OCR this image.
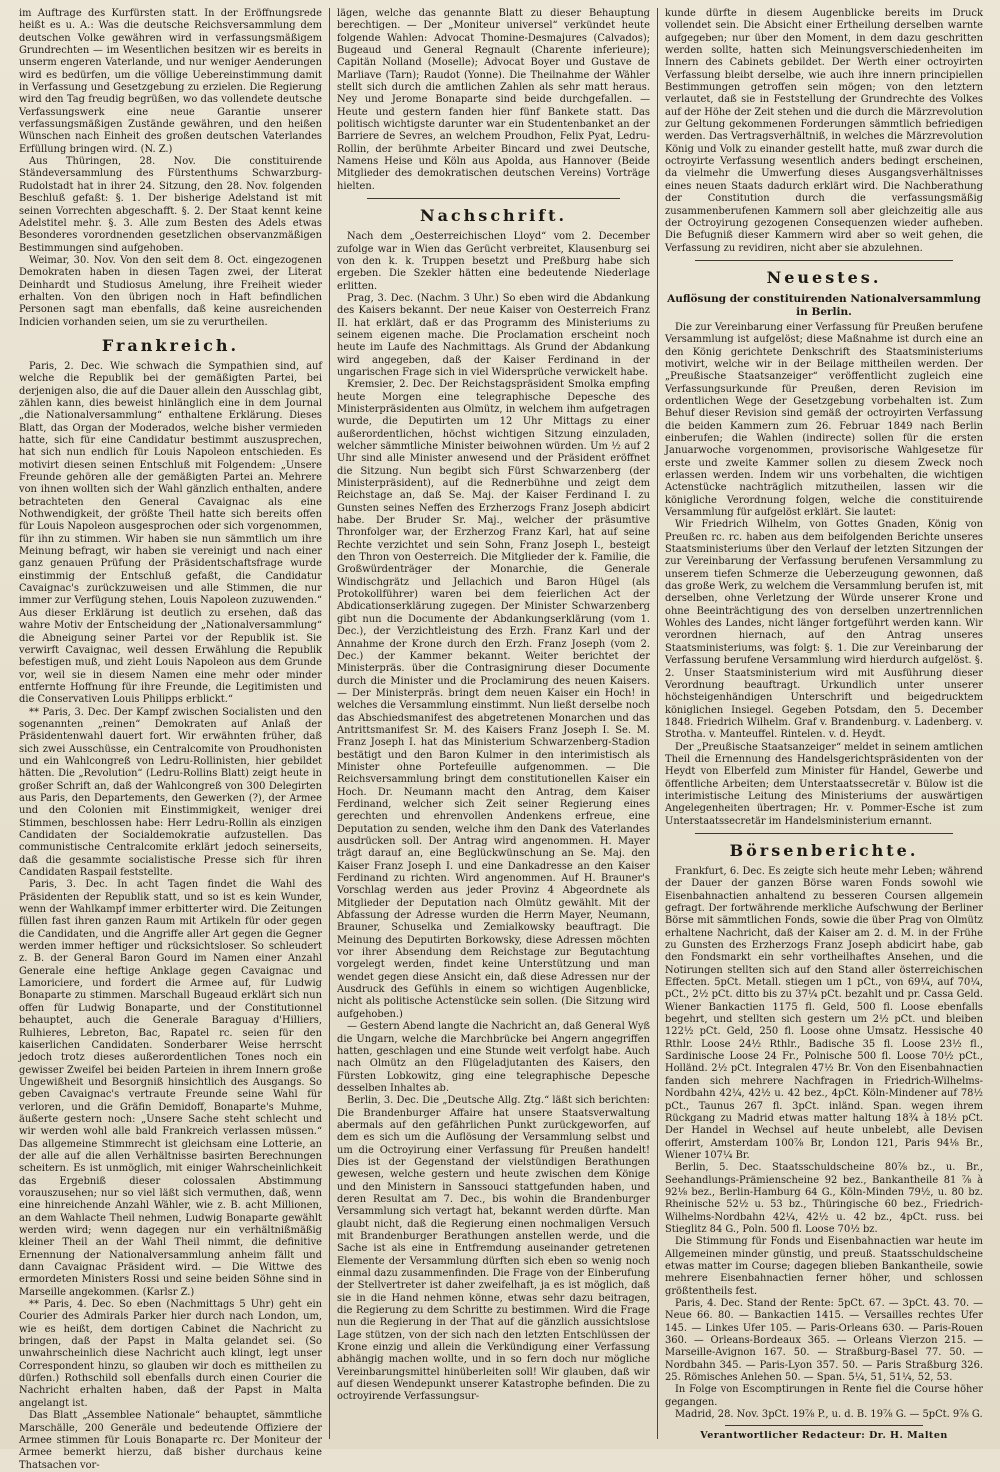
im Auftrage des Kurfürsten statt. In der Eröffnungsrede heißt es u. A.: Was die deutsche Reichsversammlung dem deutschen Volke gewähren wird in verfassungsmäßigem Grundrechten — im Wesentlichen besitzen wir es bereits in unserm engeren Vaterlande, und nur weniger Aenderungen wird es bedürfen, um die völlige Uebereinstimmung damit in Verfassung und Gesetzgebung zu erzielen. Die Regierung wird den Tag freudig begrüßen, wo das vollendete deutsche Verfassungswerk eine neue Garantie unserer verfassungsmäßigen Zustände gewähren, und den heißen Wünschen nach Einheit des großen deutschen Vaterlandes Erfüllung bringen wird. (N. Z.)

Aus Thüringen, 28. Nov. Die constituirende Ständeversammlung des Fürstenthums Schwarzburg-Rudolstadt hat in ihrer 24. Sitzung, den 28. Nov. folgenden Beschluß gefaßt: §. 1. Der bisherige Adelstand ist mit seinen Vorrechten abgeschafft. §. 2. Der Staat kennt keine Adelstitel mehr. §. 3. Alle zum Besten des Adels etwas Besonderes vorordnenden gesetzlichen observanzmäßigen Bestimmungen sind aufgehoben.

Weimar, 30. Nov. Von den seit dem 8. Oct. eingezogenen Demokraten haben in diesen Tagen zwei, der Literat Deinhardt und Studiosus Amelung, ihre Freiheit wieder erhalten. Von den übrigen noch in Haft befindlichen Personen sagt man ebenfalls, daß keine ausreichenden Indicien vorhanden seien, um sie zu verurtheilen.

Frankreich.

Paris, 2. Dec. Wie schwach die Sympathien sind, auf welche die Republik bei der gemäßigten Partei, bei derjenigen also, die auf die Dauer allein den Ausschlag gibt, zählen kann, dies beweist hinlänglich eine in dem Journal „die Nationalversammlung“ enthaltene Erklärung. Dieses Blatt, das Organ der Moderados, welche bisher vermieden hatte, sich für eine Candidatur bestimmt auszusprechen, hat sich nun endlich für Louis Napoleon entschieden. Es motivirt diesen seinen Entschluß mit Folgendem: „Unsere Freunde gehören alle der gemäßigten Partei an. Mehrere von ihnen wollten sich der Wahl gänzlich enthalten, andere betrachteten den General Cavaignac als eine Nothwendigkeit, der größte Theil hatte sich bereits offen für Louis Napoleon ausgesprochen oder sich vorgenommen, für ihn zu stimmen. Wir haben sie nun sämmtlich um ihre Meinung befragt, wir haben sie vereinigt und nach einer ganz genauen Prüfung der Präsidentschaftsfrage wurde einstimmig der Entschluß gefaßt, die Candidatur Cavaignac's zurückzuweisen und alle Stimmen, die nur immer zur Verfügung stehen, Louis Napoleon zuzuwenden.“ Aus dieser Erklärung ist deutlich zu ersehen, daß das wahre Motiv der Entscheidung der „Nationalversammlung“ die Abneigung seiner Partei vor der Republik ist. Sie verwirft Cavaignac, weil dessen Erwählung die Republik befestigen muß, und zieht Louis Napoleon aus dem Grunde vor, weil sie in diesem Namen eine mehr oder minder entfernte Hoffnung für ihre Freunde, die Legitimisten und die Conservativen Louis Philipps erblickt.“

** Paris, 3. Dec. Der Kampf zwischen Socialisten und den sogenannten „reinen“ Demokraten auf Anlaß der Präsidentenwahl dauert fort. Wir erwähnten früher, daß sich zwei Ausschüsse, ein Centralcomite von Proudhonisten und ein Wahlcongreß von Ledru-Rollinisten, hier gebildet hätten. Die „Revolution“ (Ledru-Rollins Blatt) zeigt heute in großer Schrift an, daß der Wahlcongreß von 300 Delegirten aus Paris, den Departements, den Gewerken (?), der Armee und den Colonien mit Einstimmigkeit, weniger drei Stimmen, beschlossen habe: Herr Ledru-Rollin als einzigen Candidaten der Socialdemokratie aufzustellen. Das communistische Centralcomite erklärt jedoch seinerseits, daß die gesammte socialistische Presse sich für ihren Candidaten Raspail feststellte.

Paris, 3. Dec. In acht Tagen findet die Wahl des Präsidenten der Republik statt, und so ist es kein Wunder, wenn der Wahlkampf immer erbitterter wird. Die Zeitungen füllen fast ihren ganzen Raum mit Artikeln für oder gegen die Candidaten, und die Angriffe aller Art gegen die Gegner werden immer heftiger und rücksichtsloser. So schleudert z. B. der General Baron Gourd im Namen einer Anzahl Generale eine heftige Anklage gegen Cavaignac und Lamoriciere, und fordert die Armee auf, für Ludwig Bonaparte zu stimmen. Marschall Bugeaud erklärt sich nun offen für Ludwig Bonaparte, und der Constitutionnel behauptet, auch die Generale Baraguay d'Hilliers, Rulhieres, Lebreton, Bac, Rapatel rc. seien für den kaiserlichen Candidaten. Sonderbarer Weise herrscht jedoch trotz dieses außerordentlichen Tones noch ein gewisser Zweifel bei beiden Parteien in ihrem Innern große Ungewißheit und Besorgniß hinsichtlich des Ausgangs. So geben Cavaignac's vertraute Freunde seine Wahl für verloren, und die Gräfin Demidoff, Bonaparte's Muhme, äußerte gestern noch: „Unsere Sache steht schlecht und wir werden wohl alle bald Frankreich verlassen müssen.“ Das allgemeine Stimmrecht ist gleichsam eine Lotterie, an der alle auf die allen Verhältnisse basirten Berechnungen scheitern. Es ist unmöglich, mit einiger Wahrscheinlichkeit das Ergebniß dieser colossalen Abstimmung vorauszusehen; nur so viel läßt sich vermuthen, daß, wenn eine hinreichende Anzahl Wähler, wie z. B. acht Millionen, an dem Wahlacte Theil nehmen, Ludwig Bonaparte gewählt werden wird; wenn dagegen nur ein verhältnißmäßig kleiner Theil an der Wahl Theil nimmt, die definitive Ernennung der Nationalversammlung anheim fällt und dann Cavaignac Präsident wird. — Die Wittwe des ermordeten Ministers Rossi und seine beiden Söhne sind in Marseille angekommen. (Karlsr Z.)

** Paris, 4. Dec. So eben (Nachmittags 5 Uhr) geht ein Courier des Admirals Parker hier durch nach London, um, wie es heißt, dem dortigen Cabinet die Nachricht zu bringen, daß der Papst in Malta gelandet sei. (So unwahrscheinlich diese Nachricht auch klingt, legt unser Correspondent hinzu, so glauben wir doch es mittheilen zu dürfen.) Rothschild soll ebenfalls durch einen Courier die Nachricht erhalten haben, daß der Papst in Malta angelangt ist.

Das Blatt „Assemblee Nationale“ behauptet, sämmtliche Marschälle, 200 Generäle und bedeutende Offiziere der Armee stimmen für Louis Bonaparte rc. Der Moniteur der Armee bemerkt hierzu, daß bisher durchaus keine Thatsachen vor-

lägen, welche das genannte Blatt zu dieser Behauptung berechtigen. — Der „Moniteur universel“ verkündet heute folgende Wahlen: Advocat Thomine-Desmajures (Calvados); Bugeaud und General Regnault (Charente inferieure); Capitän Nolland (Moselle); Advocat Boyer und Gustave de Marliave (Tarn); Raudot (Yonne). Die Theilnahme der Wähler stellt sich durch die amtlichen Zahlen als sehr matt heraus. Ney und Jerome Bonaparte sind beide durchgefallen. — Heute und gestern fanden hier fünf Bankete statt. Das politisch wichtigste darunter war ein Studentenbanket an der Barriere de Sevres, an welchem Proudhon, Felix Pyat, Ledru-Rollin, der berühmte Arbeiter Bincard und zwei Deutsche, Namens Heise und Köln aus Apolda, aus Hannover (Beide Mitglieder des demokratischen deutschen Vereins) Vorträge hielten.

Nachschrift.

Nach dem „Oesterreichischen Lloyd“ vom 2. December zufolge war in Wien das Gerücht verbreitet, Klausenburg sei von den k. k. Truppen besetzt und Preßburg habe sich ergeben. Die Szekler hätten eine bedeutende Niederlage erlitten.

Prag, 3. Dec. (Nachm. 3 Uhr.) So eben wird die Abdankung des Kaisers bekannt. Der neue Kaiser von Oesterreich Franz II. hat erklärt, daß er das Programm des Ministeriums zu seinem eigenen mache. Die Proclamation erscheint noch heute im Laufe des Nachmittags. Als Grund der Abdankung wird angegeben, daß der Kaiser Ferdinand in der ungarischen Frage sich in viel Widersprüche verwickelt habe.

Kremsier, 2. Dec. Der Reichstagspräsident Smolka empfing heute Morgen eine telegraphische Depesche des Ministerpräsidenten aus Olmütz, in welchem ihm aufgetragen wurde, die Deputirten um 12 Uhr Mittags zu einer außerordentlichen, höchst wichtigen Sitzung einzuladen, welcher sämmtliche Minister beiwohnen würden. Um ½ auf 2 Uhr sind alle Minister anwesend und der Präsident eröffnet die Sitzung. Nun begibt sich Fürst Schwarzenberg (der Ministerpräsident), auf die Rednerbühne und zeigt dem Reichstage an, daß Se. Maj. der Kaiser Ferdinand I. zu Gunsten seines Neffen des Erzherzogs Franz Joseph abdicirt habe. Der Bruder Sr. Maj., welcher der präsumtive Thronfolger war, der Erzherzog Franz Karl, hat auf seine Rechte verzichtet und sein Sohn, Franz Joseph I., besteigt den Thron von Oesterreich. Die Mitglieder der k. Familie, die Großwürdenträger der Monarchie, die Generale Windischgrätz und Jellachich und Baron Hügel (als Protokollführer) waren bei dem feierlichen Act der Abdicationserklärung zugegen. Der Minister Schwarzenberg gibt nun die Documente der Abdankungserklärung (vom 1. Dec.), der Verzichtleistung des Erzh. Franz Karl und der Annahme der Krone durch den Erzh. Franz Joseph (vom 2. Dec.) der Kammer bekannt. Weiter berichtet der Ministerpräs. über die Contrasignirung dieser Documente durch die Minister und die Proclamirung des neuen Kaisers. — Der Ministerpräs. bringt dem neuen Kaiser ein Hoch! in welches die Versammlung einstimmt. Nun ließt derselbe noch das Abschiedsmanifest des abgetretenen Monarchen und das Antrittsmanifest Sr. M. des Kaisers Franz Joseph I. Se. M. Franz Joseph I. hat das Ministerium Schwarzenberg-Stadion bestätigt und den Baron Kulmer in den interimistisch als Minister ohne Portefeuille aufgenommen. — Die Reichsversammlung bringt dem constitutionellen Kaiser ein Hoch. Dr. Neumann macht den Antrag, dem Kaiser Ferdinand, welcher sich Zeit seiner Regierung eines gerechten und ehrenvollen Andenkens erfreue, eine Deputation zu senden, welche ihm den Dank des Vaterlandes ausdrücken soll. Der Antrag wird angenommen. H. Mayer trägt darauf an, eine Beglückwünschung an Se. Maj. den Kaiser Franz Joseph I. und eine Dankadresse an den Kaiser Ferdinand zu richten. Wird angenommen. Auf H. Brauner's Vorschlag werden aus jeder Provinz 4 Abgeordnete als Mitglieder der Deputation nach Olmütz gewählt. Mit der Abfassung der Adresse wurden die Herrn Mayer, Neumann, Brauner, Schuselka und Zemialkowsky beauftragt. Die Meinung des Deputirten Borkowsky, diese Adressen möchten vor ihrer Absendung dem Reichstage zur Begutachtung vorgelegt werden, findet keine Unterstützung und man wendet gegen diese Ansicht ein, daß diese Adressen nur der Ausdruck des Gefühls in einem so wichtigen Augenblicke, nicht als politische Actenstücke sein sollen. (Die Sitzung wird aufgehoben.)

— Gestern Abend langte die Nachricht an, daß General Wyß die Ungarn, welche die Marchbrücke bei Angern angegriffen hatten, geschlagen und eine Stunde weit verfolgt habe. Auch nach Olmütz an den Flügeladjutanten des Kaisers, den Fürsten Lobkowitz, ging eine telegraphische Depesche desselben Inhaltes ab.

Berlin, 3. Dec. Die „Deutsche Allg. Ztg.“ läßt sich berichten: Die Brandenburger Affaire hat unsere Staatsverwaltung abermals auf den gefährlichen Punkt zurückgeworfen, auf dem es sich um die Auflösung der Versammlung selbst und um die Octroyirung einer Verfassung für Preußen handelt! Dies ist der Gegenstand der vielstündigen Berathungen gewesen, welche gestern und heute zwischen dem Könige und den Ministern in Sanssouci stattgefunden haben, und deren Resultat am 7. Dec., bis wohin die Brandenburger Versammlung sich vertagt hat, bekannt werden dürfte. Man glaubt nicht, daß die Regierung einen nochmaligen Versuch mit Brandenburger Berathungen anstellen werde, und die Sache ist als eine in Entfremdung auseinander getretenen Elemente der Versammlung dürften sich eben so wenig noch einmal dazu zusammenfinden. Die Frage von der Einberufung der Stellvertreter ist daher zweifelhaft, ja es ist möglich, daß sie in die Hand nehmen könne, etwas sehr dazu beitragen, die Regierung zu dem Schritte zu bestimmen. Wird die Frage nun die Regierung in der That auf die gänzlich aussichtslose Lage stützen, von der sich nach den letzten Entschlüssen der Krone einzig und allein die Verkündigung einer Verfassung abhängig machen wollte, und in so fern doch nur mögliche Vereinbarungsmittel hinüberleiten soll! Wir glauben, daß wir auf diesen Wendepunkt unserer Katastrophe befinden. Die zu octroyirende Verfassungsur-

kunde dürfte in diesem Augenblicke bereits im Druck vollendet sein. Die Absicht einer Ertheilung derselben warnte aufgegeben; nur über den Moment, in dem dazu geschritten werden sollte, hatten sich Meinungsverschiedenheiten im Innern des Cabinets gebildet. Der Werth einer octroyirten Verfassung bleibt derselbe, wie auch ihre innern principiellen Bestimmungen getroffen sein mögen; von den letztern verlautet, daß sie in Feststellung der Grundrechte des Volkes auf der Höhe der Zeit stehen und die durch die Märzrevolution zur Geltung gekommenen Forderungen sämmtlich befriedigen werden. Das Vertragsverhältniß, in welches die Märzrevolution König und Volk zu einander gestellt hatte, muß zwar durch die octroyirte Verfassung wesentlich anders bedingt erscheinen, da vielmehr die Umwerfung dieses Ausgangsverhältnisses eines neuen Staats dadurch erklärt wird. Die Nachberathung der Constitution durch die verfassungsmäßig zusammenberufenen Kammern soll aber gleichzeitig alle aus der Octroyirung gezogenen Consequenzen wieder aufheben. Die Befugniß dieser Kammern wird aber so weit gehen, die Verfassung zu revidiren, nicht aber sie abzulehnen.

Neuestes.
Auflösung der constituirenden Nationalversammlung in Berlin.

Die zur Vereinbarung einer Verfassung für Preußen berufene Versammlung ist aufgelöst; diese Maßnahme ist durch eine an den König gerichtete Denkschrift des Staatsministeriums motivirt, welche wir in der Beilage mittheilen werden. Der „Preußische Staatsanzeiger“ veröffentlicht zugleich eine Verfassungsurkunde für Preußen, deren Revision im ordentlichen Wege der Gesetzgebung vorbehalten ist. Zum Behuf dieser Revision sind gemäß der octroyirten Verfassung die beiden Kammern zum 26. Februar 1849 nach Berlin einberufen; die Wahlen (indirecte) sollen für die ersten Januarwoche vorgenommen, provisorische Wahlgesetze für erste und zweite Kammer sollen zu diesem Zweck noch erlassen werden. Indem wir uns vorbehalten, die wichtigen Actenstücke nachträglich mitzutheilen, lassen wir die königliche Verordnung folgen, welche die constituirende Versammlung für aufgelöst erklärt. Sie lautet:

Wir Friedrich Wilhelm, von Gottes Gnaden, König von Preußen rc. rc. haben aus dem beifolgenden Berichte unseres Staatsministeriums über den Verlauf der letzten Sitzungen der zur Vereinbarung der Verfassung berufenen Versammlung zu unserem tiefen Schmerze die Ueberzeugung gewonnen, daß das große Werk, zu welchem die Versammlung berufen ist, mit derselben, ohne Verletzung der Würde unserer Krone und ohne Beeinträchtigung des von derselben unzertrennlichen Wohles des Landes, nicht länger fortgeführt werden kann. Wir verordnen hiernach, auf den Antrag unseres Staatsministeriums, was folgt: §. 1. Die zur Vereinbarung der Verfassung berufene Versammlung wird hierdurch aufgelöst. §. 2. Unser Staatsministerium wird mit Ausführung dieser Verordnung beauftragt. Urkundlich unter unserer höchsteigenhändigen Unterschrift und beigedrucktem königlichen Insiegel. Gegeben Potsdam, den 5. December 1848. Friedrich Wilhelm. Graf v. Brandenburg. v. Ladenberg. v. Strotha. v. Manteuffel. Rintelen. v. d. Heydt.

Der „Preußische Staatsanzeiger“ meldet in seinem amtlichen Theil die Ernennung des Handelsgerichtspräsidenten von der Heydt von Elberfeld zum Minister für Handel, Gewerbe und öffentliche Arbeiten; dem Unterstaatssecretär v. Bülow ist die interimistische Leitung des Ministeriums der auswärtigen Angelegenheiten übertragen; Hr. v. Pommer-Esche ist zum Unterstaatssecretär im Handelsministerium ernannt.

Börsenberichte.

Frankfurt, 6. Dec. Es zeigte sich heute mehr Leben; während der Dauer der ganzen Börse waren Fonds sowohl wie Eisenbahnactien anhaltend zu besseren Coursen allgemein gefragt. Der fortwährende merkliche Aufschwung der Berliner Börse mit sämmtlichen Fonds, sowie die über Prag von Olmütz erhaltene Nachricht, daß der Kaiser am 2. d. M. in der Frühe zu Gunsten des Erzherzogs Franz Joseph abdicirt habe, gab den Fondsmarkt ein sehr vortheilhaftes Ansehen, und die Notirungen stellten sich auf den Stand aller österreichischen Effecten. 5pCt. Metall. stiegen um 1 pCt., von 69¼, auf 70¼, pCt., 2½ pCt. ditto bis zu 37¼ pCt. bezahlt und pr. Cassa Geld. Wiener Bankactien 1175 fl. Geld, 500 fl. Loose ebenfalls begehrt, und stellten sich gestern um 2½ pCt. und bleiben 122½ pCt. Geld, 250 fl. Loose ohne Umsatz. Hessische 40 Rthlr. Loose 24½ Rthlr., Badische 35 fl. Loose 23½ fl., Sardinische Loose 24 Fr., Polnische 500 fl. Loose 70½ pCt., Holländ. 2½ pCt. Integralen 47½ Br. Von den Eisenbahnactien fanden sich mehrere Nachfragen in Friedrich-Wilhelms-Nordbahn 42¼, 42½ u. 42 bez., 4pCt. Köln-Mindener auf 78½ pCt., Taunus 267 fl. 3pCt. inländ. Span. wegen ihrem Rückgang zu Madrid etwas matter haltung 18¾ à 18½ pCt. Der Handel in Wechsel auf heute unbelebt, alle Devisen offerirt, Amsterdam 100⅞ Br, London 121, Paris 94⅛ Br., Wiener 107¼ Br.

Berlin, 5. Dec. Staatsschuldscheine 80⅞ bz., u. Br., Seehandlungs-Prämienscheine 92 bez., Bankantheile 81 ⅞ à 92⅛ bez., Berlin-Hamburg 64 G., Köln-Minden 79½, u. 80 bz. Rheinische 52½ u. 53 bz., Thüringische 60 bez., Friedrich-Wilhelms-Nordbahn 42¼, 42½ u. 42 bz., 4pCt. russ. bei Stieglitz 84 G., Poln. 500 fl. Loose 70½ bz.

Die Stimmung für Fonds und Eisenbahnactien war heute im Allgemeinen minder günstig, und preuß. Staatsschuldscheine etwas matter im Course; dagegen blieben Bankantheile, sowie mehrere Eisenbahnactien ferner höher, und schlossen größtentheils fest.

Paris, 4. Dec. Stand der Rente: 5pCt. 67. — 3pCt. 43. 70. — Neue 66. 80. — Bankactien 1415. — Versailles rechtes Ufer 145. — Linkes Ufer 105. — Paris-Orleans 630. — Paris-Rouen 360. — Orleans-Bordeaux 365. — Orleans Vierzon 215. — Marseille-Avignon 167. 50. — Straßburg-Basel 77. 50. — Nordbahn 345. — Paris-Lyon 357. 50. — Paris Straßburg 326. 25. Römisches Anlehen 50. — Span. 5¼, 51, 51¼, 52, 53.

In Folge von Escomptirungen in Rente fiel die Course höher gegangen.

Madrid, 28. Nov. 3pCt. 19⅞ P., u. d. B. 19⅞ G. — 5pCt. 9⅞ G.

Verantwortlicher Redacteur: Dr. H. Malten
